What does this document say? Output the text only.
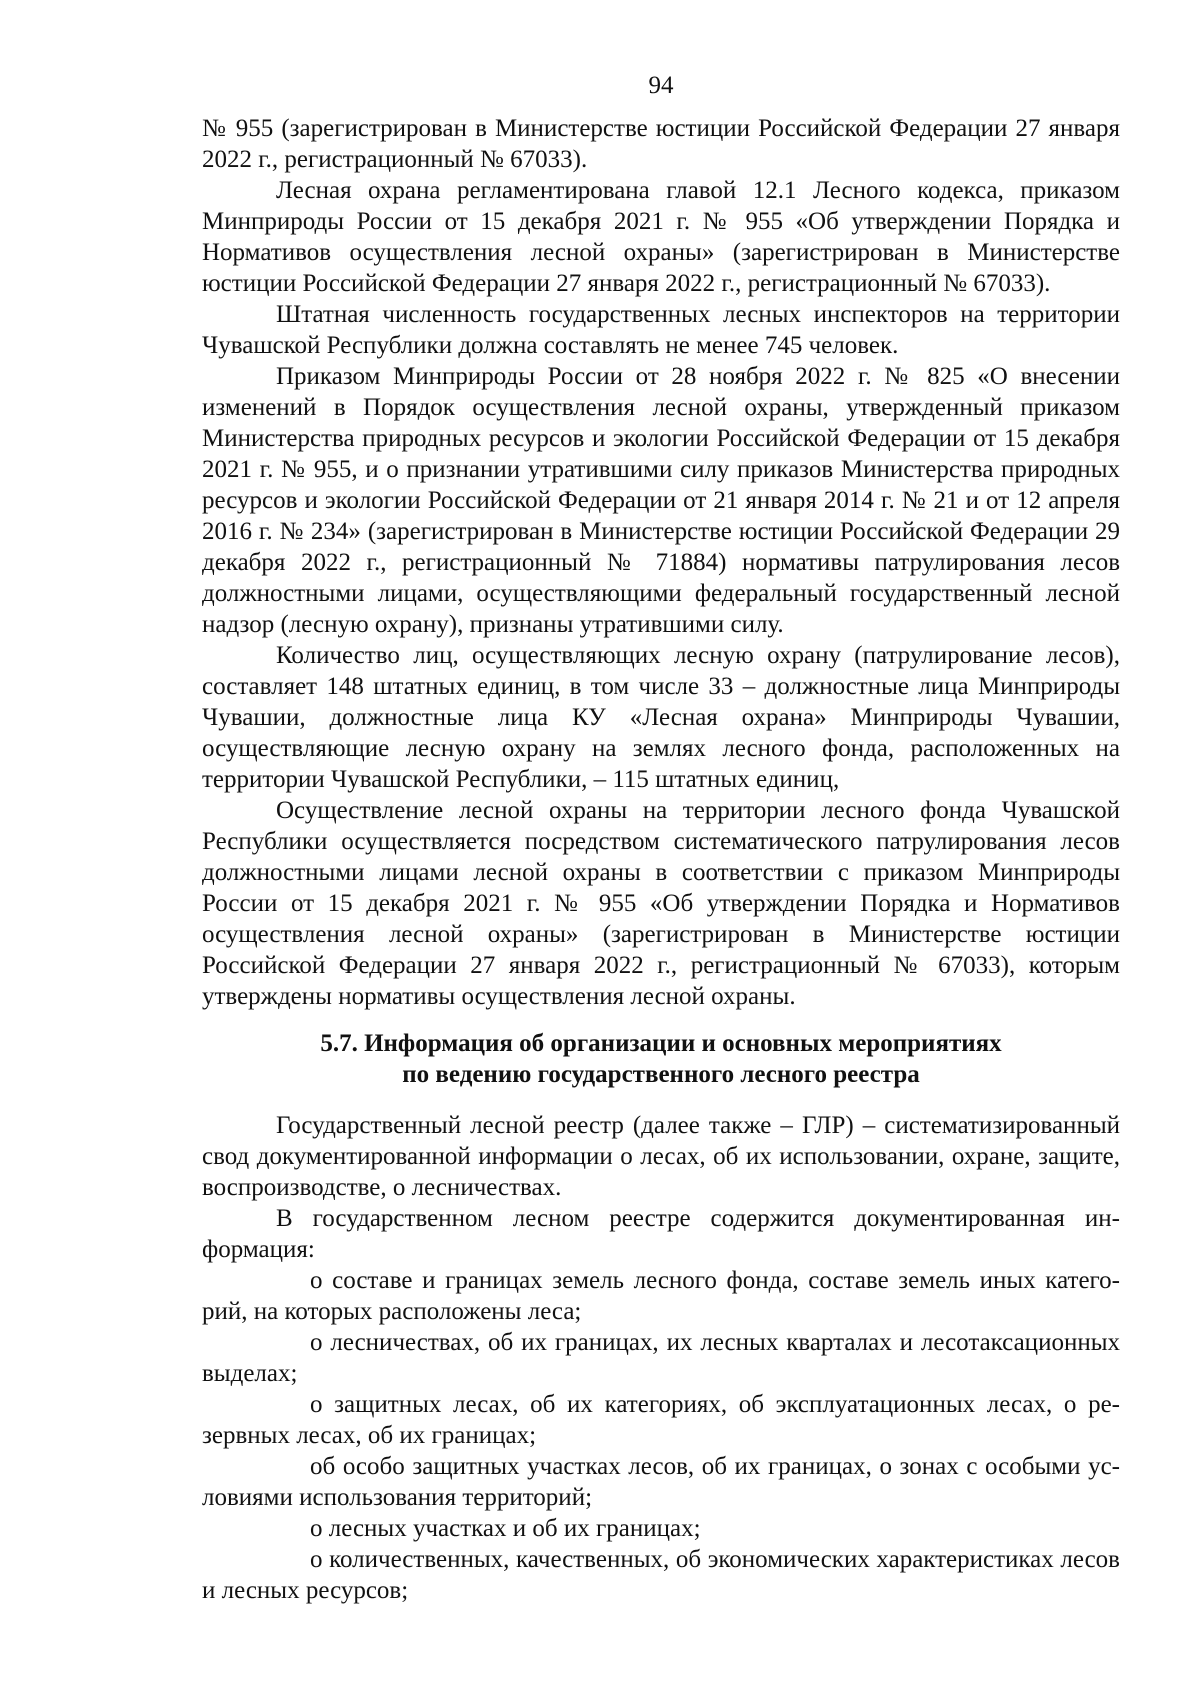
94

№ 955 (зарегистрирован в Министерстве юстиции Российской Федерации 27 января 2022 г., регистрационный № 67033).

Лесная охрана регламентирована главой 12.1 Лесного кодекса, приказом Минприроды России от 15 декабря 2021 г. № 955 «Об утверждении Порядка и Нормативов осуществления лесной охраны» (зарегистрирован в Министерстве юстиции Российской Федерации 27 января 2022 г., регистрационный № 67033).

Штатная численность государственных лесных инспекторов на территории Чувашской Республики должна составлять не менее 745 человек.

Приказом Минприроды России от 28 ноября 2022 г. № 825 «О внесении изменений в Порядок осуществления лесной охраны, утвержденный приказом Министерства природных ресурсов и экологии Российской Федерации от 15 декабря 2021 г. № 955, и о признании утратившими силу приказов Министерства природных ресурсов и экологии Российской Федерации от 21 января 2014 г. № 21 и от 12 апреля 2016 г. № 234» (зарегистрирован в Министерстве юстиции Российской Федерации 29 декабря 2022 г., регистрационный № 71884) нормативы патрулирования лесов должностными лицами, осуществляющими федеральный государственный лесной надзор (лесную охрану), признаны утратившими силу.

Количество лиц, осуществляющих лесную охрану (патрулирование лесов), составляет 148 штатных единиц, в том числе 33 – должностные лица Минприроды Чувашии, должностные лица КУ «Лесная охрана» Минприроды Чувашии, осуществляющие лесную охрану на землях лесного фонда, расположенных на территории Чувашской Республики, – 115 штатных единиц,

Осуществление лесной охраны на территории лесного фонда Чувашской Республики осуществляется посредством систематического патрулирования лесов должностными лицами лесной охраны в соответствии с приказом Минприроды России от 15 декабря 2021 г. № 955 «Об утверждении Порядка и Нормативов осуществления лесной охраны» (зарегистрирован в Министерстве юстиции Российской Федерации 27 января 2022 г., регистрационный № 67033), которым утверждены нормативы осуществления лесной охраны.

5.7. Информация об организации и основных мероприятиях
по ведению государственного лесного реестра

Государственный лесной реестр (далее также – ГЛР) – систематизированный свод документированной информации о лесах, об их использовании, охране, защите, воспроизводстве, о лесничествах.

В государственном лесном реестре содержится документированная информация:

о составе и границах земель лесного фонда, составе земель иных категорий, на которых расположены леса;

о лесничествах, об их границах, их лесных кварталах и лесотаксационных выделах;

о защитных лесах, об их категориях, об эксплуатационных лесах, о резервных лесах, об их границах;

об особо защитных участках лесов, об их границах, о зонах с особыми условиями использования территорий;

о лесных участках и об их границах;

о количественных, качественных, об экономических характеристиках лесов и лесных ресурсов;
